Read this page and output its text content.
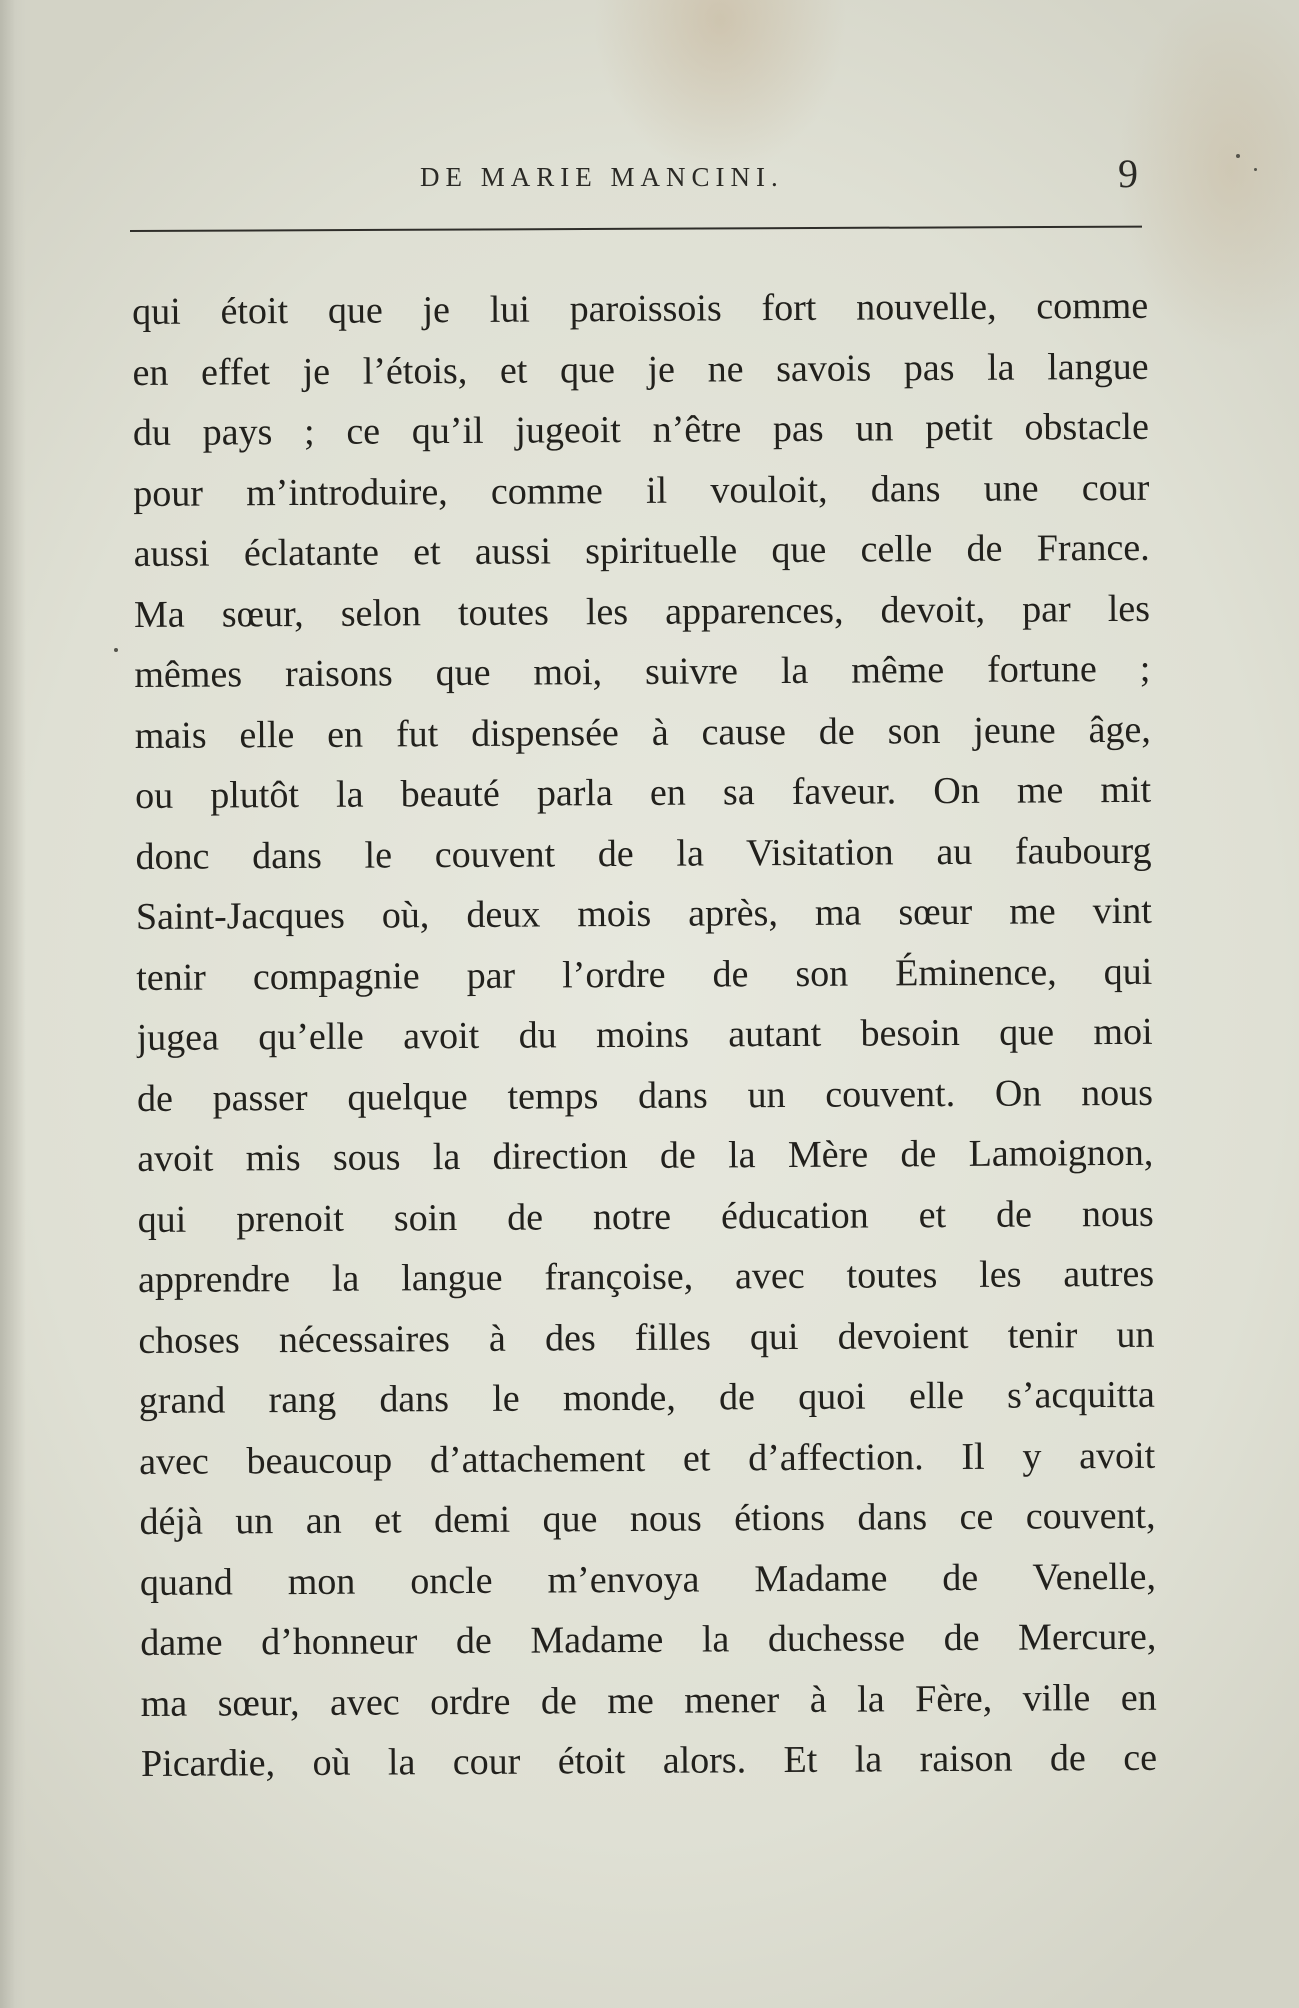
DE MARIE MANCINI.	9
qui étoit que je lui paroissois fort nouvelle, comme
en effet je l’étois, et que je ne savois pas la langue
du pays ; ce qu’il jugeoit n’être pas un petit obstacle
pour m’introduire, comme il vouloit, dans une cour
aussi éclatante et aussi spirituelle que celle de France.
Ma sœur, selon toutes les apparences, devoit, par les
mêmes raisons que moi, suivre la même fortune ;
mais elle en fut dispensée à cause de son jeune âge,
ou plutôt la beauté parla en sa faveur. On me mit
donc dans le couvent de la Visitation au faubourg
Saint-Jacques où, deux mois après, ma sœur me vint
tenir compagnie par l’ordre de son Éminence, qui
jugea qu’elle avoit du moins autant besoin que moi
de passer quelque temps dans un couvent. On nous
avoit mis sous la direction de la Mère de Lamoignon,
qui prenoit soin de notre éducation et de nous
apprendre la langue françoise, avec toutes les autres
choses nécessaires à des filles qui devoient tenir un
grand rang dans le monde, de quoi elle s’acquitta
avec beaucoup d’attachement et d’affection. Il y avoit
déjà un an et demi que nous étions dans ce couvent,
quand mon oncle m’envoya Madame de Venelle,
dame d’honneur de Madame la duchesse de Mercure,
ma sœur, avec ordre de me mener à la Fère, ville en
Picardie, où la cour étoit alors. Et la raison de ce
